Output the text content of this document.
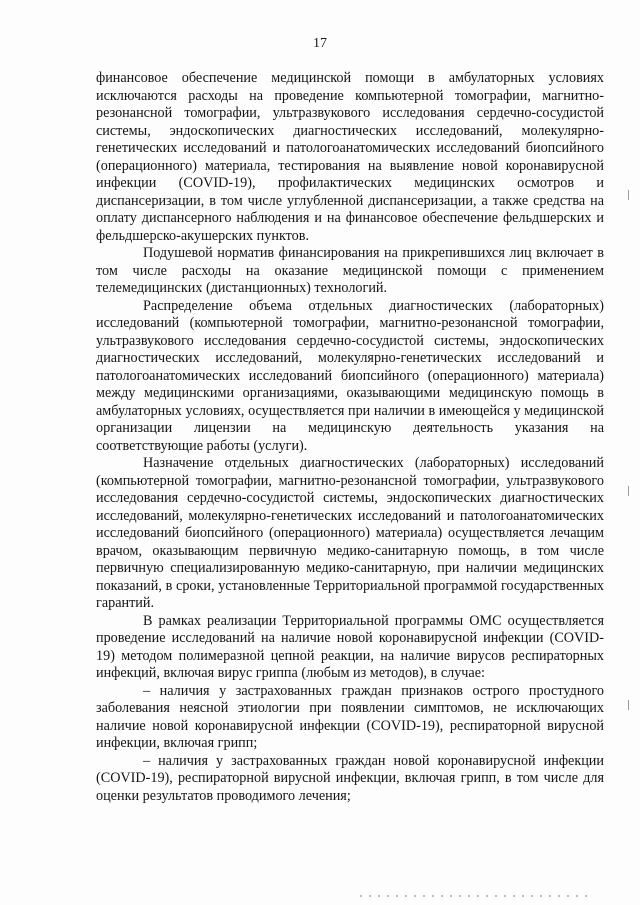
17

финансовое обеспечение медицинской помощи в амбулаторных условиях исключаются расходы на проведение компьютерной томографии, магнитно-резонансной томографии, ультразвукового исследования сердечно-сосудистой системы, эндоскопических диагностических исследований, молекулярно-генетических исследований и патологоанатомических исследований биопсийного (операционного) материала, тестирования на выявление новой коронавирусной инфекции (COVID-19), профилактических медицинских осмотров и диспансеризации, в том числе углубленной диспансеризации, а также средства на оплату диспансерного наблюдения и на финансовое обеспечение фельдшерских и фельдшерско-акушерских пунктов.

Подушевой норматив финансирования на прикрепившихся лиц включает в том числе расходы на оказание медицинской помощи с применением телемедицинских (дистанционных) технологий.

Распределение объема отдельных диагностических (лабораторных) исследований (компьютерной томографии, магнитно-резонансной томографии, ультразвукового исследования сердечно-сосудистой системы, эндоскопических диагностических исследований, молекулярно-генетических исследований и патологоанатомических исследований биопсийного (операционного) материала) между медицинскими организациями, оказывающими медицинскую помощь в амбулаторных условиях, осуществляется при наличии в имеющейся у медицинской организации лицензии на медицинскую деятельность указания на соответствующие работы (услуги).

Назначение отдельных диагностических (лабораторных) исследований (компьютерной томографии, магнитно-резонансной томографии, ультразвукового исследования сердечно-сосудистой системы, эндоскопических диагностических исследований, молекулярно-генетических исследований и патологоанатомических исследований биопсийного (операционного) материала) осуществляется лечащим врачом, оказывающим первичную медико-санитарную помощь, в том числе первичную специализированную медико-санитарную, при наличии медицинских показаний, в сроки, установленные Территориальной программой государственных гарантий.

В рамках реализации Территориальной программы ОМС осуществляется проведение исследований на наличие новой коронавирусной инфекции (COVID-19) методом полимеразной цепной реакции, на наличие вирусов респираторных инфекций, включая вирус гриппа (любым из методов), в случае:

– наличия у застрахованных граждан признаков острого простудного заболевания неясной этиологии при появлении симптомов, не исключающих наличие новой коронавирусной инфекции (COVID-19), респираторной вирусной инфекции, включая грипп;

– наличия у застрахованных граждан новой коронавирусной инфекции (COVID-19), респираторной вирусной инфекции, включая грипп, в том числе для оценки результатов проводимого лечения;
